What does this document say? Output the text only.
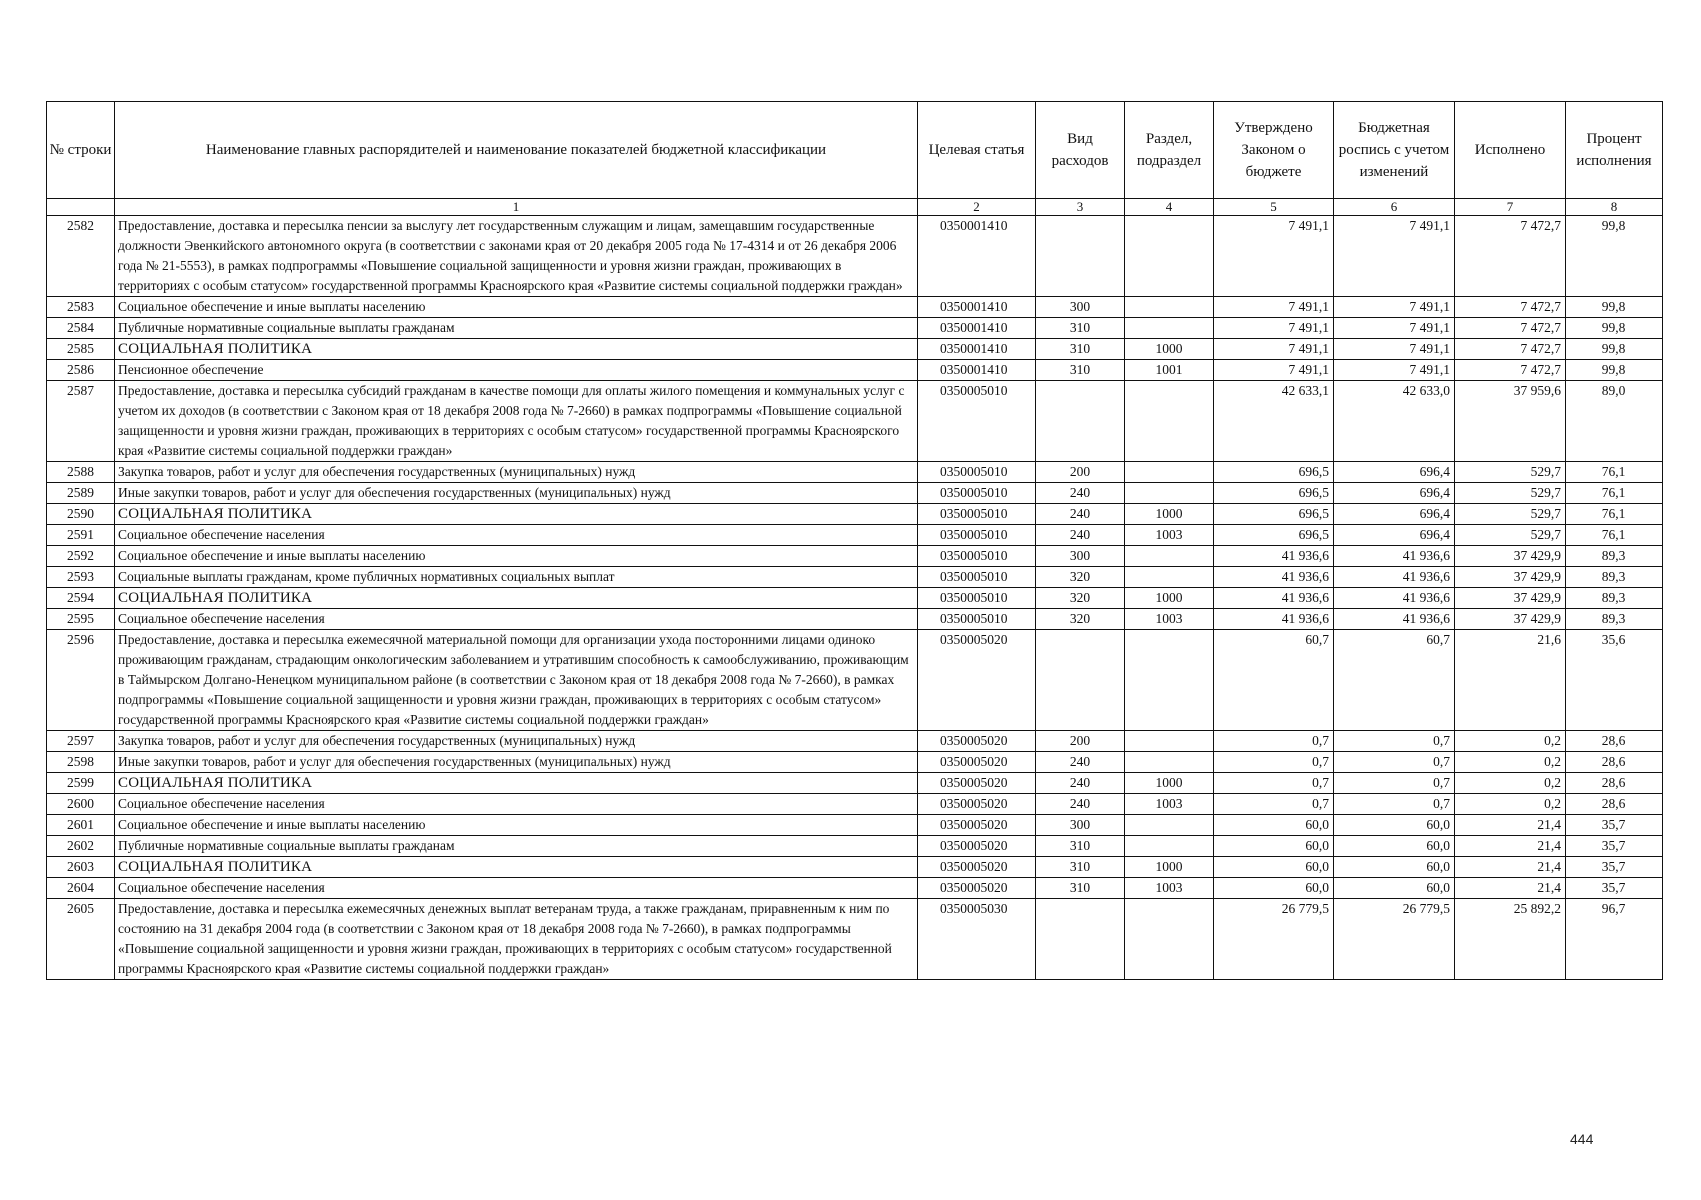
№ строки	Наименование главных распорядителей и наименование показателей бюджетной классификации	Целевая статья	Вид расходов	Раздел, подраздел	Утверждено Законом о бюджете	Бюджетная роспись с учетом изменений	Исполнено	Процент исполнения
	1	2	3	4	5	6	7	8
2582	Предоставление, доставка и пересылка пенсии за выслугу лет государственным служащим и лицам, замещавшим государственные должности Эвенкийского автономного округа (в соответствии с законами края от 20 декабря 2005 года № 17-4314 и от 26 декабря 2006 года № 21-5553), в рамках подпрограммы «Повышение социальной защищенности и уровня жизни граждан, проживающих в территориях с особым статусом» государственной программы Красноярского края «Развитие системы социальной поддержки граждан»	0350001410			7 491,1	7 491,1	7 472,7	99,8
2583	Социальное обеспечение и иные выплаты населению	0350001410	300		7 491,1	7 491,1	7 472,7	99,8
2584	Публичные нормативные социальные выплаты гражданам	0350001410	310		7 491,1	7 491,1	7 472,7	99,8
2585	СОЦИАЛЬНАЯ ПОЛИТИКА	0350001410	310	1000	7 491,1	7 491,1	7 472,7	99,8
2586	Пенсионное обеспечение	0350001410	310	1001	7 491,1	7 491,1	7 472,7	99,8
2587	Предоставление, доставка и пересылка субсидий гражданам в качестве помощи для оплаты жилого помещения и коммунальных услуг с учетом их доходов (в соответствии с Законом края от 18 декабря 2008 года № 7-2660) в рамках подпрограммы «Повышение социальной защищенности и уровня жизни граждан, проживающих в территориях с особым статусом» государственной программы Красноярского края «Развитие системы социальной поддержки граждан»	0350005010			42 633,1	42 633,0	37 959,6	89,0
2588	Закупка товаров, работ и услуг для обеспечения государственных (муниципальных) нужд	0350005010	200		696,5	696,4	529,7	76,1
2589	Иные закупки товаров, работ и услуг для обеспечения государственных (муниципальных) нужд	0350005010	240		696,5	696,4	529,7	76,1
2590	СОЦИАЛЬНАЯ ПОЛИТИКА	0350005010	240	1000	696,5	696,4	529,7	76,1
2591	Социальное обеспечение населения	0350005010	240	1003	696,5	696,4	529,7	76,1
2592	Социальное обеспечение и иные выплаты населению	0350005010	300		41 936,6	41 936,6	37 429,9	89,3
2593	Социальные выплаты гражданам, кроме публичных нормативных социальных выплат	0350005010	320		41 936,6	41 936,6	37 429,9	89,3
2594	СОЦИАЛЬНАЯ ПОЛИТИКА	0350005010	320	1000	41 936,6	41 936,6	37 429,9	89,3
2595	Социальное обеспечение населения	0350005010	320	1003	41 936,6	41 936,6	37 429,9	89,3
2596	Предоставление, доставка и пересылка ежемесячной материальной помощи для организации ухода посторонними лицами одиноко проживающим гражданам, страдающим онкологическим заболеванием и утратившим способность к самообслуживанию, проживающим в Таймырском Долгано-Ненецком муниципальном районе (в соответствии с Законом края от 18 декабря 2008 года № 7-2660), в рамках подпрограммы «Повышение социальной защищенности и уровня жизни граждан, проживающих в территориях с особым статусом» государственной программы Красноярского края «Развитие системы социальной поддержки граждан»	0350005020			60,7	60,7	21,6	35,6
2597	Закупка товаров, работ и услуг для обеспечения государственных (муниципальных) нужд	0350005020	200		0,7	0,7	0,2	28,6
2598	Иные закупки товаров, работ и услуг для обеспечения государственных (муниципальных) нужд	0350005020	240		0,7	0,7	0,2	28,6
2599	СОЦИАЛЬНАЯ ПОЛИТИКА	0350005020	240	1000	0,7	0,7	0,2	28,6
2600	Социальное обеспечение населения	0350005020	240	1003	0,7	0,7	0,2	28,6
2601	Социальное обеспечение и иные выплаты населению	0350005020	300		60,0	60,0	21,4	35,7
2602	Публичные нормативные социальные выплаты гражданам	0350005020	310		60,0	60,0	21,4	35,7
2603	СОЦИАЛЬНАЯ ПОЛИТИКА	0350005020	310	1000	60,0	60,0	21,4	35,7
2604	Социальное обеспечение населения	0350005020	310	1003	60,0	60,0	21,4	35,7
2605	Предоставление, доставка и пересылка ежемесячных денежных выплат ветеранам труда, а также гражданам, приравненным к ним по состоянию на 31 декабря 2004 года (в соответствии с Законом края от 18 декабря 2008 года № 7-2660), в рамках подпрограммы «Повышение социальной защищенности и уровня жизни граждан, проживающих в территориях с особым статусом» государственной программы Красноярского края «Развитие системы социальной поддержки граждан»	0350005030			26 779,5	26 779,5	25 892,2	96,7
444
